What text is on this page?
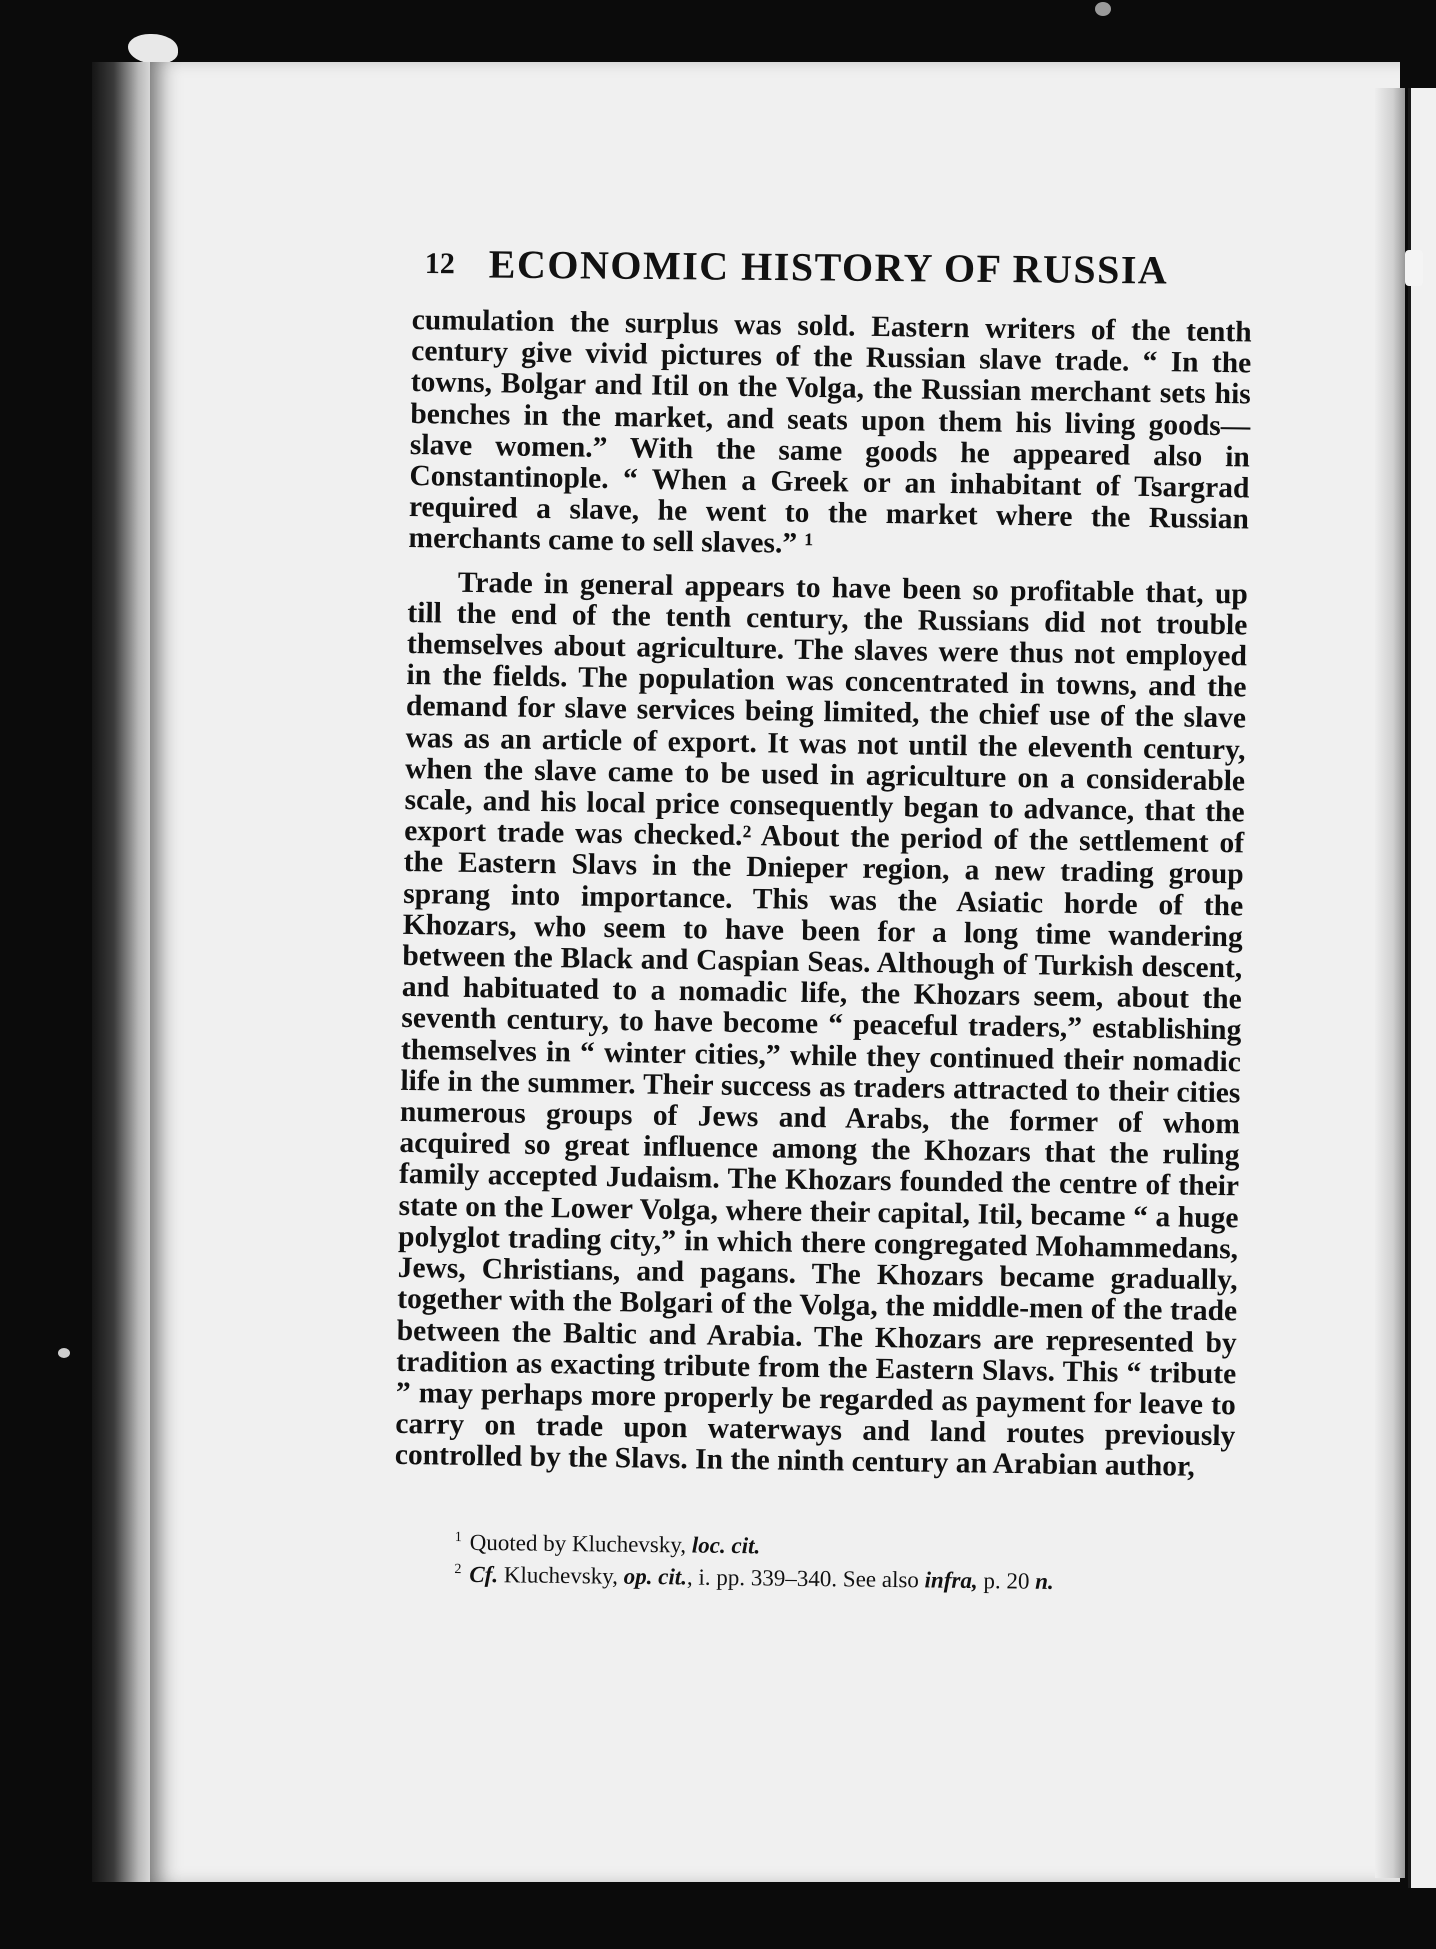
12 ECONOMIC HISTORY OF RUSSIA

cumulation the surplus was sold. Eastern writers of the tenth century give vivid pictures of the Russian slave trade. “ In the towns, Bolgar and Itil on the Volga, the Russian merchant sets his benches in the market, and seats upon them his living goods—slave women.” With the same goods he appeared also in Constantinople. “ When a Greek or an inhabitant of Tsargrad required a slave, he went to the market where the Russian merchants came to sell slaves.” ¹

Trade in general appears to have been so profitable that, up till the end of the tenth century, the Russians did not trouble themselves about agriculture. The slaves were thus not employed in the fields. The population was concentrated in towns, and the demand for slave services being limited, the chief use of the slave was as an article of export. It was not until the eleventh century, when the slave came to be used in agriculture on a considerable scale, and his local price consequently began to advance, that the export trade was checked.² About the period of the settlement of the Eastern Slavs in the Dnieper region, a new trading group sprang into importance. This was the Asiatic horde of the Khozars, who seem to have been for a long time wandering between the Black and Caspian Seas. Although of Turkish descent, and habituated to a nomadic life, the Khozars seem, about the seventh century, to have become “ peaceful traders,” establishing themselves in “ winter cities,” while they continued their nomadic life in the summer. Their success as traders attracted to their cities numerous groups of Jews and Arabs, the former of whom acquired so great influence among the Khozars that the ruling family accepted Judaism. The Khozars founded the centre of their state on the Lower Volga, where their capital, Itil, became “ a huge polyglot trading city,” in which there congregated Mohammedans, Jews, Christians, and pagans. The Khozars became gradually, together with the Bolgari of the Volga, the middle-men of the trade between the Baltic and Arabia. The Khozars are represented by tradition as exacting tribute from the Eastern Slavs. This “ tribute ” may perhaps more properly be regarded as payment for leave to carry on trade upon waterways and land routes previously controlled by the Slavs. In the ninth century an Arabian author,

$^1$ Quoted by Kluchevsky, loc. cit.
$^2$ Cf. Kluchevsky, op. cit., i. pp. 339–340. See also infra, p. 20 n.
